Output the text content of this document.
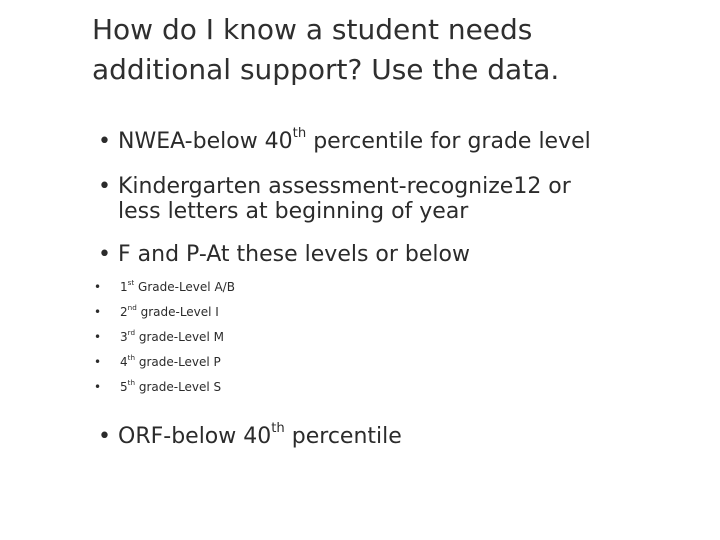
How do I know a student needs
additional support? Use the data.
• NWEA-below 40th percentile for grade level
• Kindergarten assessment-recognize12 or
less letters at beginning of year
• F and P-At these levels or below
• 1st Grade-Level A/B
• 2nd grade-Level I
• 3rd grade-Level M
• 4th grade-Level P
• 5th grade-Level S
• ORF-below 40th percentile
